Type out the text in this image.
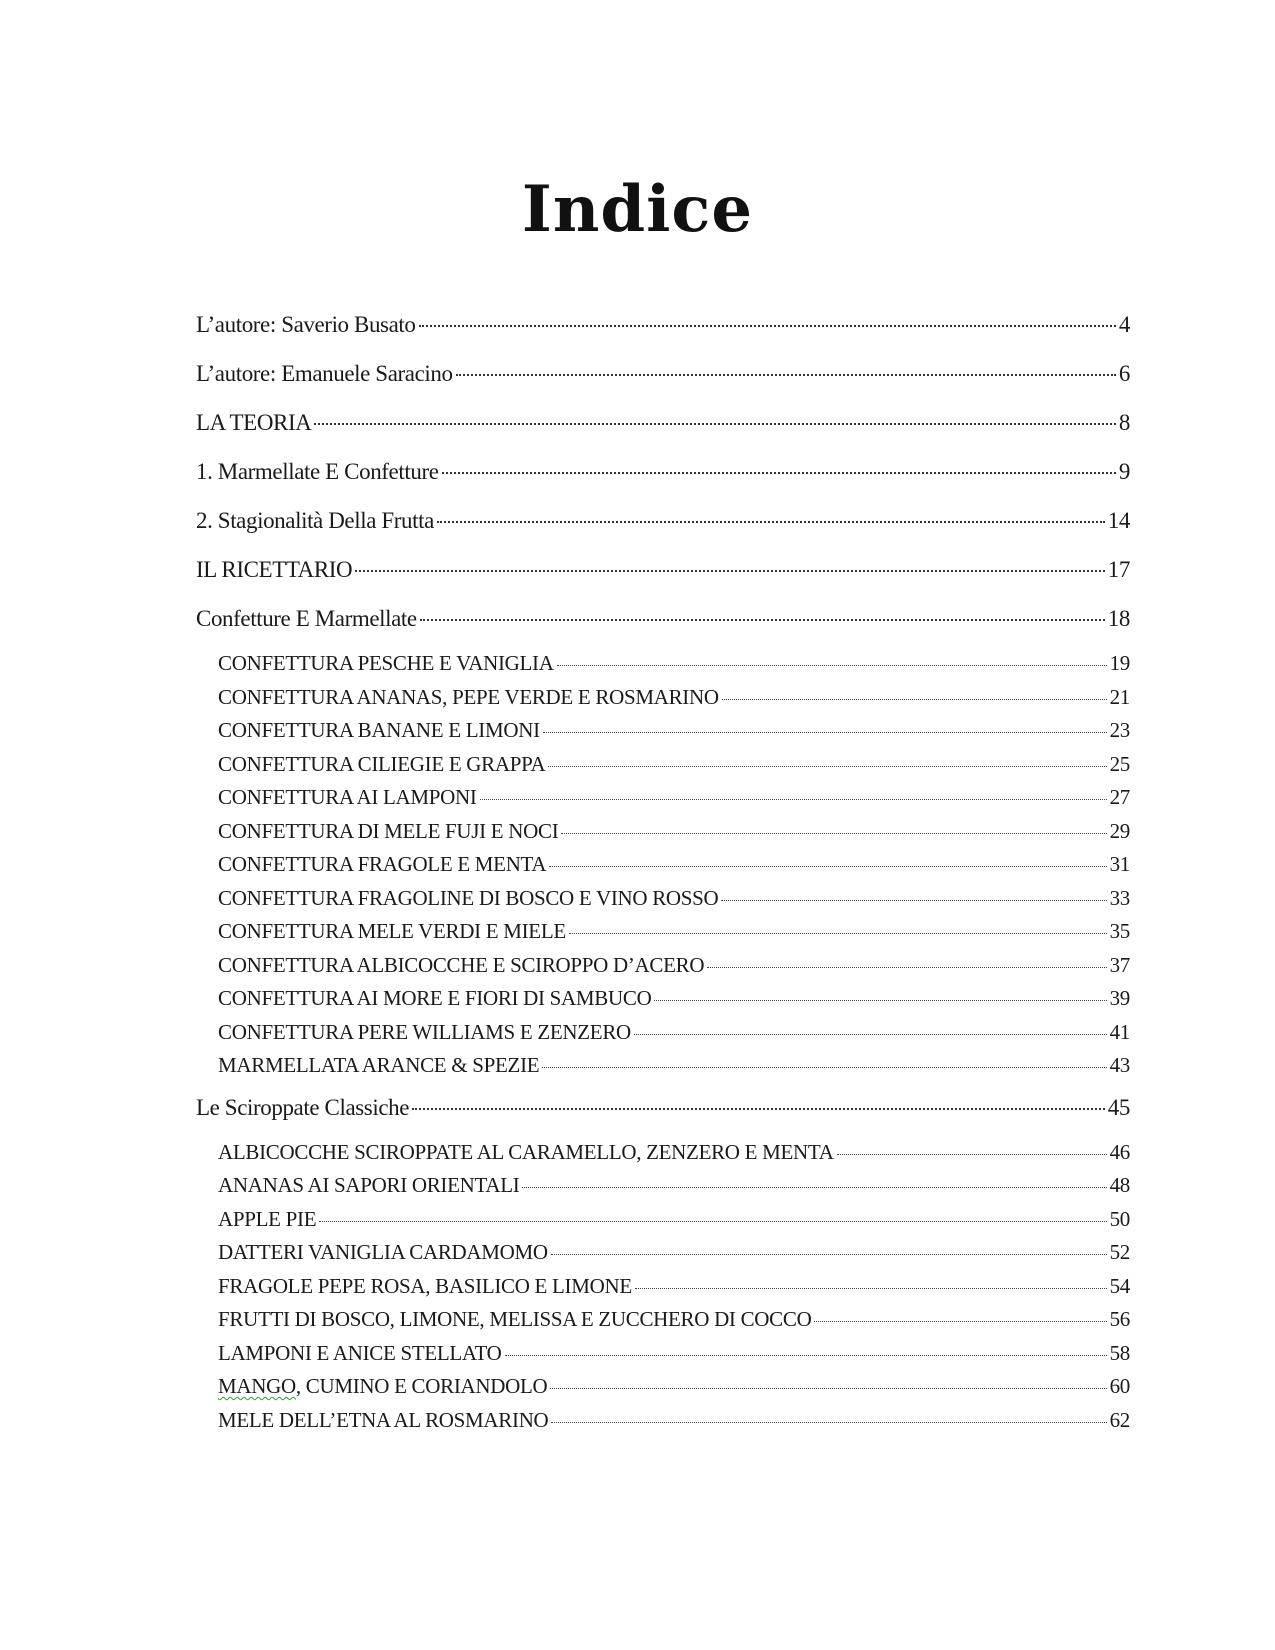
Indice
L’autore: Saverio Busato	4
L’autore: Emanuele Saracino	6
LA TEORIA	8
1. Marmellate E Confetture	9
2. Stagionalità Della Frutta	14
IL RICETTARIO	17
Confetture E Marmellate	18
CONFETTURA PESCHE E VANIGLIA	19
CONFETTURA ANANAS, PEPE VERDE E ROSMARINO	21
CONFETTURA BANANE E LIMONI	23
CONFETTURA CILIEGIE E GRAPPA	25
CONFETTURA AI LAMPONI	27
CONFETTURA DI MELE FUJI E NOCI	29
CONFETTURA FRAGOLE E MENTA	31
CONFETTURA FRAGOLINE DI BOSCO E VINO ROSSO	33
CONFETTURA MELE VERDI E MIELE	35
CONFETTURA ALBICOCCHE E SCIROPPO D’ACERO	37
CONFETTURA AI MORE E FIORI DI SAMBUCO	39
CONFETTURA PERE WILLIAMS E ZENZERO	41
MARMELLATA ARANCE & SPEZIE	43
Le Sciroppate Classiche	45
ALBICOCCHE SCIROPPATE AL CARAMELLO, ZENZERO E MENTA	46
ANANAS AI SAPORI ORIENTALI	48
APPLE PIE	50
DATTERI VANIGLIA CARDAMOMO	52
FRAGOLE PEPE ROSA, BASILICO E LIMONE	54
FRUTTI DI BOSCO, LIMONE, MELISSA E ZUCCHERO DI COCCO	56
LAMPONI E ANICE STELLATO	58
MANGO, CUMINO E CORIANDOLO	60
MELE DELL’ETNA AL ROSMARINO	62
